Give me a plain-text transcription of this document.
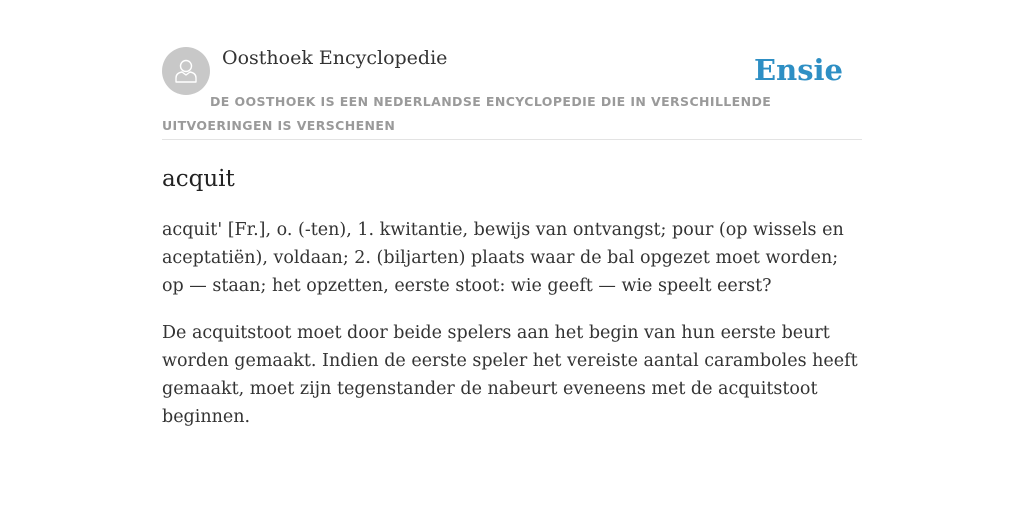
Oosthoek Encyclopedie	Ensie
DE OOSTHOEK IS EEN NEDERLANDSE ENCYCLOPEDIE DIE IN VERSCHILLENDE UITVOERINGEN IS VERSCHENEN
acquit

acquit' [Fr.], o. (-ten), 1. kwitantie, bewijs van ontvangst; pour (op wissels en aceptatiën), voldaan; 2. (biljarten) plaats waar de bal opgezet moet worden; op — staan; het opzetten, eerste stoot: wie geeft — wie speelt eerst?

De acquitstoot moet door beide spelers aan het begin van hun eerste beurt worden gemaakt. Indien de eerste speler het vereiste aantal caramboles heeft gemaakt, moet zijn tegenstander de nabeurt eveneens met de acquitstoot beginnen.
